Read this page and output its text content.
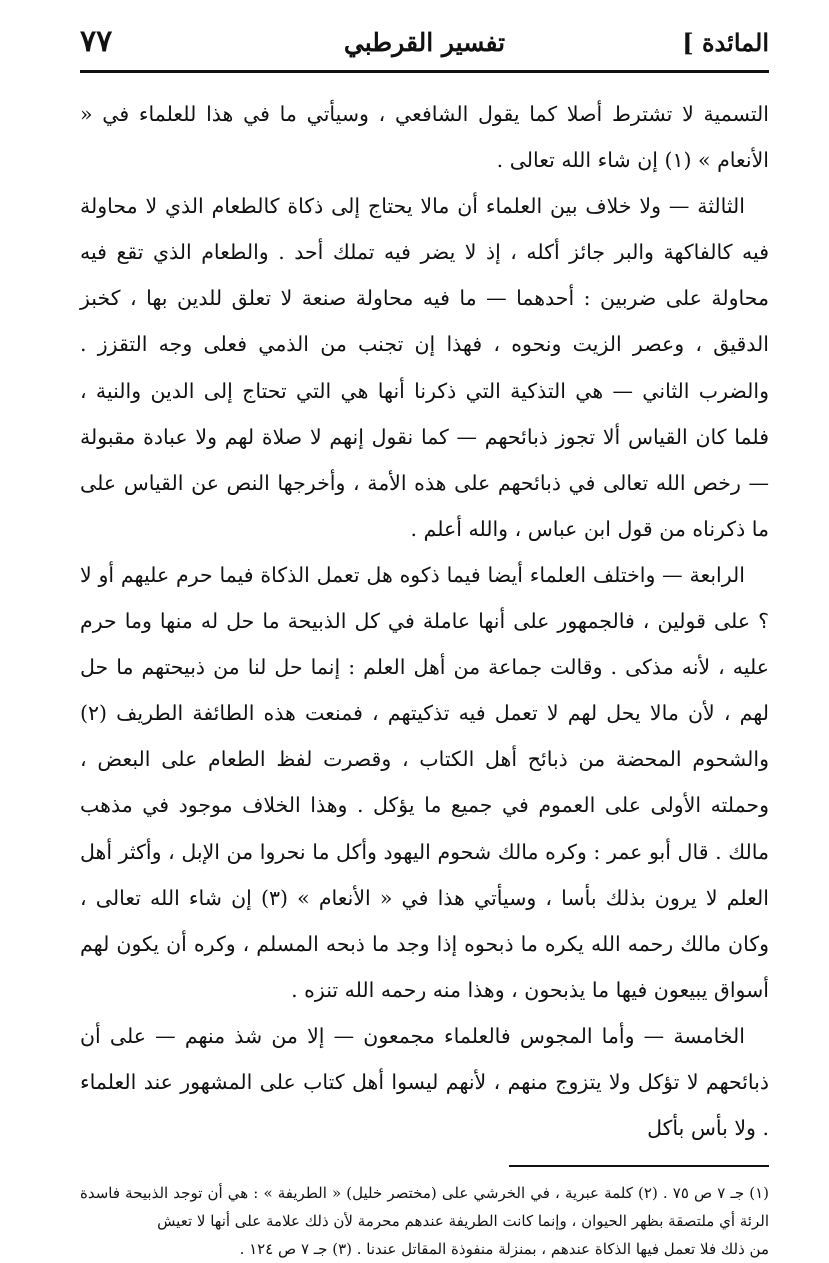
المائدة ]
تفسير القرطبي
٧٧

التسمية لا تشترط أصلا كما يقول الشافعي ، وسيأتي ما في هذا للعلماء في « الأنعام » (١) إن شاء الله تعالى .

الثالثة — ولا خلاف بين العلماء أن مالا يحتاج إلى ذكاة كالطعام الذي لا محاولة فيه كالفاكهة والبر جائز أكله ، إذ لا يضر فيه تملك أحد . والطعام الذي تقع فيه محاولة على ضربين : أحدهما — ما فيه محاولة صنعة لا تعلق للدين بها ، كخبز الدقيق ، وعصر الزيت ونحوه ، فهذا إن تجنب من الذمي فعلى وجه التقزز . والضرب الثاني — هي التذكية التي ذكرنا أنها هي التي تحتاج إلى الدين والنية ، فلما كان القياس ألا تجوز ذبائحهم — كما نقول إنهم لا صلاة لهم ولا عبادة مقبولة — رخص الله تعالى في ذبائحهم على هذه الأمة ، وأخرجها النص عن القياس على ما ذكرناه من قول ابن عباس ، والله أعلم .

الرابعة — واختلف العلماء أيضا فيما ذكوه هل تعمل الذكاة فيما حرم عليهم أو لا ؟ على قولين ، فالجمهور على أنها عاملة في كل الذبيحة ما حل له منها وما حرم عليه ، لأنه مذكى . وقالت جماعة من أهل العلم : إنما حل لنا من ذبيحتهم ما حل لهم ، لأن مالا يحل لهم لا تعمل فيه تذكيتهم ، فمنعت هذه الطائفة الطريف (٢) والشحوم المحضة من ذبائح أهل الكتاب ، وقصرت لفظ الطعام على البعض ، وحملته الأولى على العموم في جميع ما يؤكل . وهذا الخلاف موجود في مذهب مالك . قال أبو عمر : وكره مالك شحوم اليهود وأكل ما نحروا من الإبل ، وأكثر أهل العلم لا يرون بذلك بأسا ، وسيأتي هذا في « الأنعام » (٣) إن شاء الله تعالى ، وكان مالك رحمه الله يكره ما ذبحوه إذا وجد ما ذبحه المسلم ، وكره أن يكون لهم أسواق يبيعون فيها ما يذبحون ، وهذا منه رحمه الله تنزه .

الخامسة — وأما المجوس فالعلماء مجمعون — إلا من شذ منهم — على أن ذبائحهم لا تؤكل ولا يتزوج منهم ، لأنهم ليسوا أهل كتاب على المشهور عند العلماء . ولا بأس بأكل

(١) جـ ٧ ص ٧٥ . (٢) كلمة عبرية ، في الخرشي على (مختصر خليل) « الطريفة » : هي أن توجد الذبيحة فاسدة الرئة أي ملتصقة بظهر الحيوان ، وإنما كانت الطريفة عندهم محرمة لأن ذلك علامة على أنها لا تعيش

من ذلك فلا تعمل فيها الذكاة عندهم ، بمنزلة منفوذة المقاتل عندنا . (٣) جـ ٧ ص ١٢٤ .
